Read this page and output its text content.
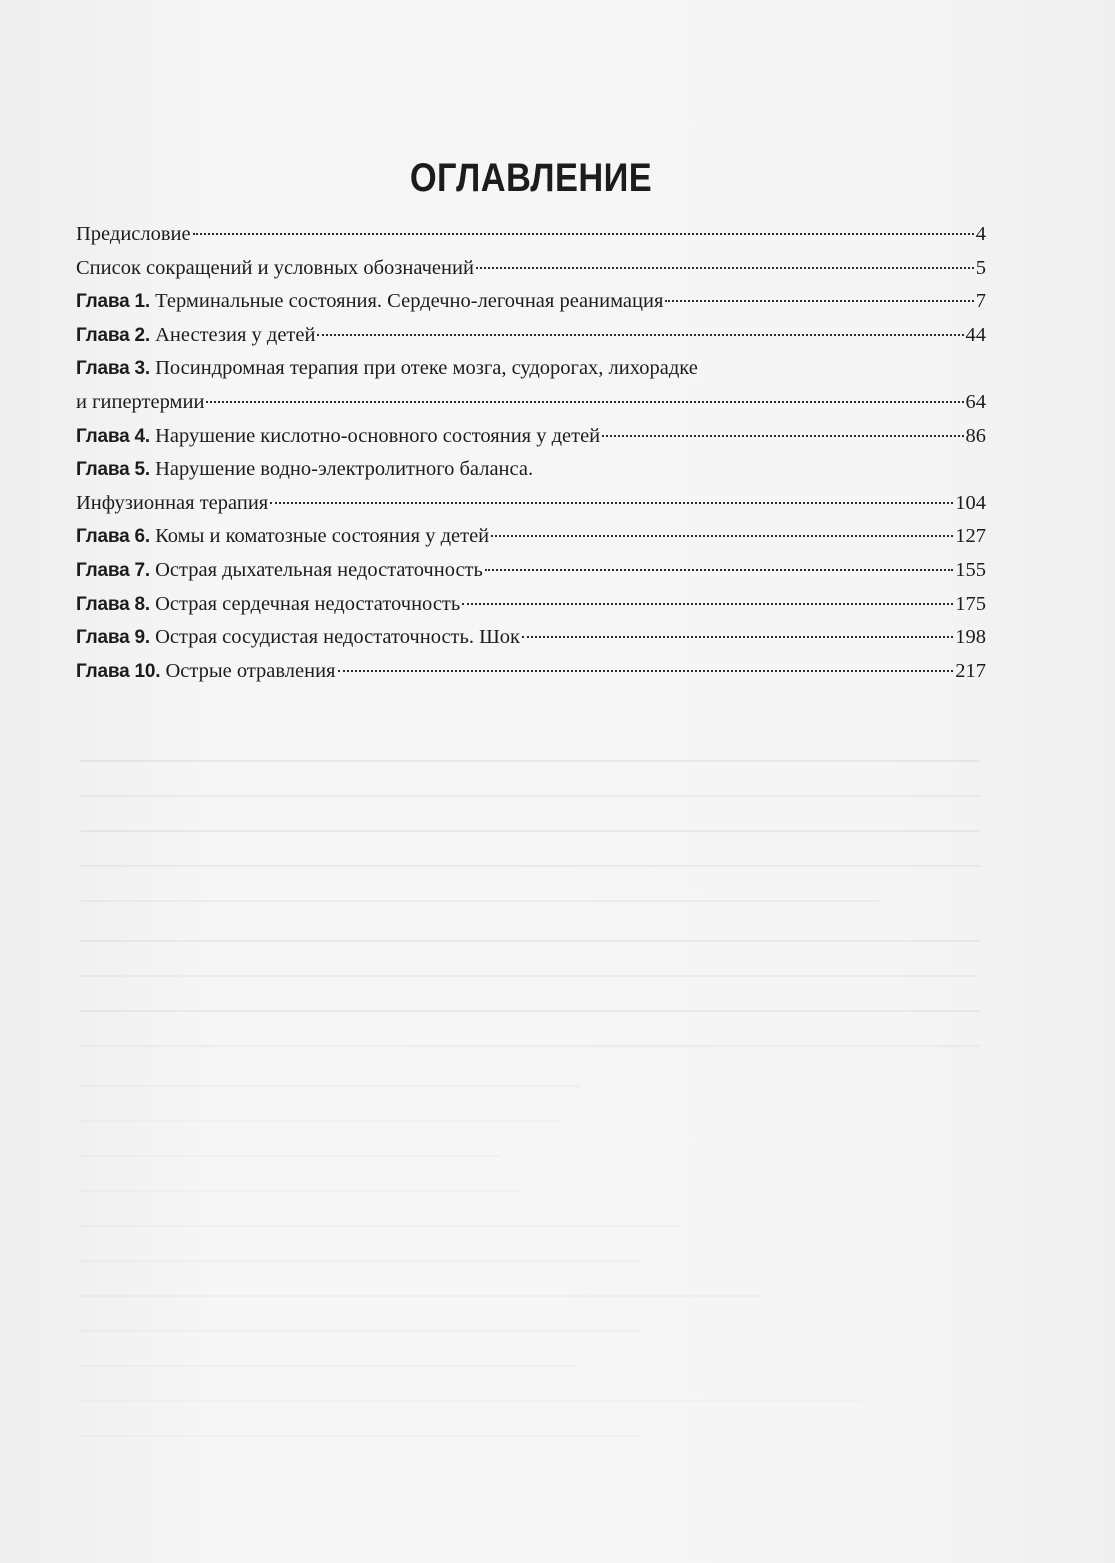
ОГЛАВЛЕНИЕ
Предисловие	4
Список сокращений и условных обозначений	5
Глава 1. Терминальные состояния. Сердечно-легочная реанимация	7
Глава 2. Анестезия у детей	44
Глава 3. Посиндромная терапия при отеке мозга, судорогах, лихорадке
и гипертермии	64
Глава 4. Нарушение кислотно-основного состояния у детей	86
Глава 5. Нарушение водно-электролитного баланса.
Инфузионная терапия	104
Глава 6. Комы и коматозные состояния у детей	127
Глава 7. Острая дыхательная недостаточность	155
Глава 8. Острая сердечная недостаточность	175
Глава 9. Острая сосудистая недостаточность. Шок	198
Глава 10. Острые отравления	217
